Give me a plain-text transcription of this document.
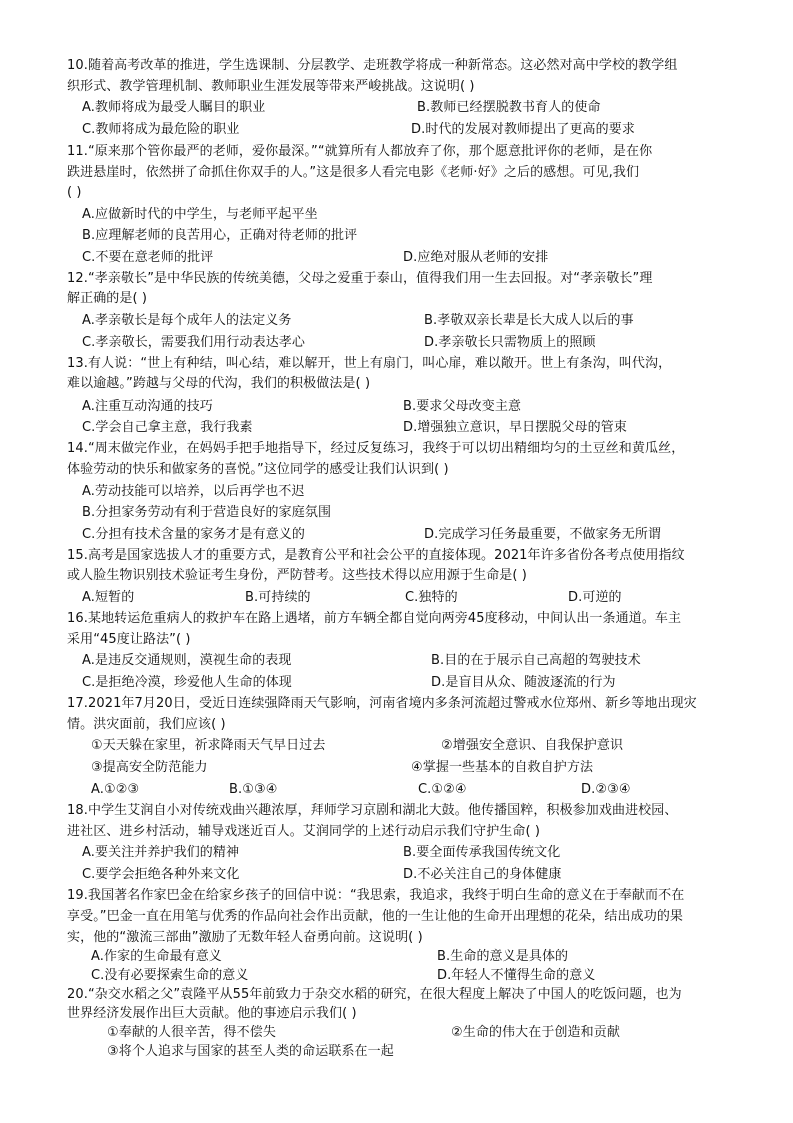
10.随着高考改革的推进，学生选课制、分层教学、走班教学将成一种新常态。这必然对高中学校的教学组
织形式、教学管理机制、教师职业生涯发展等带来严峻挑战。这说明( )
A.教师将成为最受人瞩目的职业	B.教师已经摆脱教书育人的使命
C.教师将成为最危险的职业	D.时代的发展对教师提出了更高的要求
11.“原来那个管你最严的老师，爱你最深。”“就算所有人都放弃了你，那个愿意批评你的老师，是在你
跌进悬崖时，依然拼了命抓住你双手的人。”这是很多人看完电影《老师·好》之后的感想。可见,我们
( )
A.应做新时代的中学生，与老师平起平坐
B.应理解老师的良苦用心，正确对待老师的批评
C.不要在意老师的批评	D.应绝对服从老师的安排
12.“孝亲敬长”是中华民族的传统美德，父母之爱重于泰山，值得我们用一生去回报。对“孝亲敬长”理
解正确的是( )
A.孝亲敬长是每个成年人的法定义务	B.孝敬双亲长辈是长大成人以后的事
C.孝亲敬长，需要我们用行动表达孝心	D.孝亲敬长只需物质上的照顾
13.有人说：“世上有种结，叫心结，难以解开，世上有扇门，叫心扉，难以敞开。世上有条沟，叫代沟，
难以逾越。”跨越与父母的代沟，我们的积极做法是( )
A.注重互动沟通的技巧	B.要求父母改变主意
C.学会自己拿主意，我行我素	D.增强独立意识，早日摆脱父母的管束
14.“周末做完作业，在妈妈手把手地指导下，经过反复练习，我终于可以切出精细均匀的土豆丝和黄瓜丝，
体验劳动的快乐和做家务的喜悦。”这位同学的感受让我们认识到( )
A.劳动技能可以培养，以后再学也不迟
B.分担家务劳动有利于营造良好的家庭氛围
C.分担有技术含量的家务才是有意义的	D.完成学习任务最重要，不做家务无所谓
15.高考是国家选拔人才的重要方式，是教育公平和社会公平的直接体现。2021年许多省份各考点使用指纹
或人脸生物识别技术验证考生身份，严防替考。这些技术得以应用源于生命是( )
A.短暂的	B.可持续的	C.独特的	D.可逆的
16.某地转运危重病人的救护车在路上遇堵，前方车辆全都自觉向两旁45度移动，中间认出一条通道。车主
采用“45度让路法”( )
A.是违反交通规则，漠视生命的表现	B.目的在于展示自己高超的驾驶技术
C.是拒绝冷漠，珍爱他人生命的体现	D.是盲目从众、随波逐流的行为
17.2021年7月20日，受近日连续强降雨天气影响，河南省境内多条河流超过警戒水位郑州、新乡等地出现灾
情。洪灾面前，我们应该( )
①天天躲在家里，祈求降雨天气早日过去	②增强安全意识、自我保护意识
③提高安全防范能力	④掌握一些基本的自救自护方法
A.①②③	B.①③④	C.①②④	D.②③④
18.中学生艾润自小对传统戏曲兴趣浓厚，拜师学习京剧和湖北大鼓。他传播国粹，积极参加戏曲进校园、
进社区、进乡村活动，辅导戏迷近百人。艾润同学的上述行动启示我们守护生命( )
A.要关注并养护我们的精神	B.要全面传承我国传统文化
C.要学会拒绝各种外来文化	D.不必关注自己的身体健康
19.我国著名作家巴金在给家乡孩子的回信中说：“我思索，我追求，我终于明白生命的意义在于奉献而不在
享受。”巴金一直在用笔与优秀的作品向社会作出贡献，他的一生让他的生命开出理想的花朵，结出成功的果
实，他的“激流三部曲”激励了无数年轻人奋勇向前。这说明( )
A.作家的生命最有意义	B.生命的意义是具体的
C.没有必要探索生命的意义	D.年轻人不懂得生命的意义
20.“杂交水稻之父”袁隆平从55年前致力于杂交水稻的研究，在很大程度上解决了中国人的吃饭问题，也为
世界经济发展作出巨大贡献。他的事迹启示我们( )
①奉献的人很辛苦，得不偿失	②生命的伟大在于创造和贡献
③将个人追求与国家的甚至人类的命运联系在一起
